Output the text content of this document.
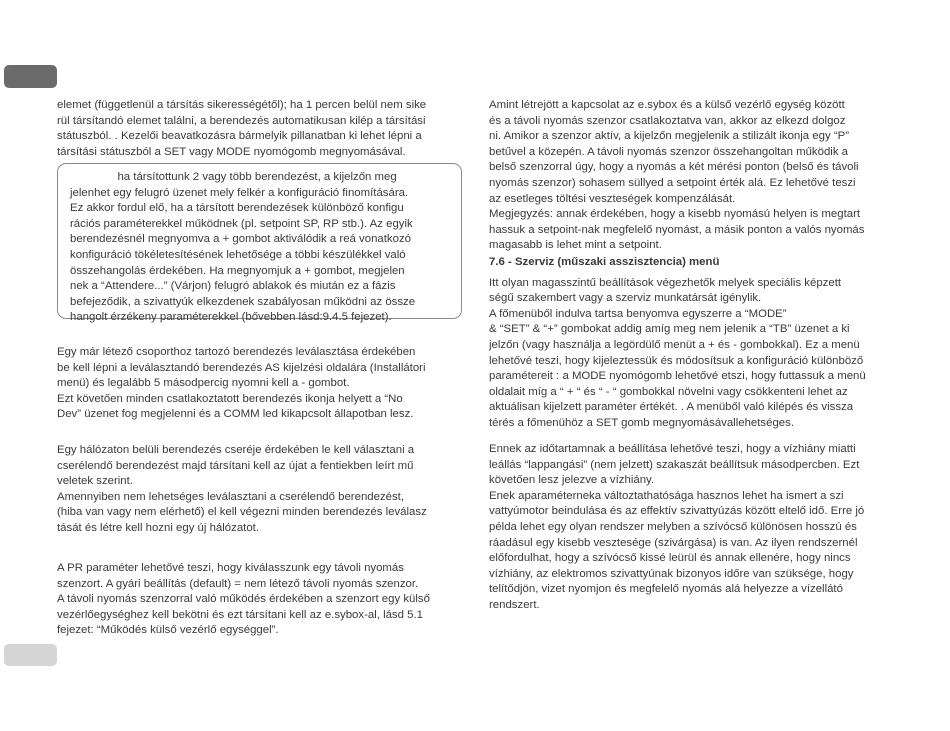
elemet (függetlenül a társítás sikerességétől); ha 1 percen belül nem sike

rül társítandó elemet találni, a berendezés automatikusan kilép a társítási

státuszból. . Kezelői beavatkozásra bármelyik pillanatban ki lehet lépni a

társítási státuszból a SET vagy MODE nyomógomb megnyomásával.

ha társítottunk 2 vagy több berendezést, a kijelzőn meg

jelenhet egy felugró üzenet mely felkér a konfiguráció finomítására.

Ez akkor fordul elő, ha a társított berendezések különböző konfigu

rációs paraméterekkel működnek (pl. setpoint SP, RP stb.). Az egyik

berendezésnél megnyomva a + gombot aktiválódik a reá vonatkozó

konfiguráció tökéletesítésének lehetősége a többi készülékkel való

összehangolás érdekében. Ha megnyomjuk a + gombot, megjelen

nek a “Attendere...” (Várjon) felugró ablakok és miután ez a fázis

befejeződik, a szivattyúk elkezdenek szabályosan működni az össze

hangolt érzékeny paraméterekkel (bővebben lásd:9.4.5 fejezet).

Egy már létező csoporthoz tartozó berendezés leválasztása érdekében

be kell lépni a leválasztandó berendezés AS kijelzési oldalára (Installátori

menü) és legalább 5 másodpercig nyomni kell a - gombot.

Ezt követően minden csatlakoztatott berendezés ikonja helyett a “No

Dev” üzenet fog megjelenni és a COMM led kikapcsolt állapotban lesz.

Egy hálózaton belüli berendezés cseréje érdekében le kell választani a

cserélendő berendezést majd társítani kell az újat a fentiekben leírt mű

veletek szerint.

Amennyiben nem lehetséges leválasztani a cserélendő berendezést,

(hiba van vagy nem elérhető) el kell végezni minden berendezés leválasz

tását és létre kell hozni egy új hálózatot.

A PR paraméter lehetővé teszi, hogy kiválasszunk egy távoli nyomás

szenzort. A gyári beállítás (default) = nem létező távoli nyomás szenzor.

A távoli nyomás szenzorral való működés érdekében a szenzort egy külső

vezérlőegységhez kell bekötni és ezt társítani kell az e.sybox-al, lásd 5.1

fejezet: “Működés külső vezérlő egységgel”.

Amint létrejött a kapcsolat az e.sybox és a külső vezérlő egység között

és a távoli nyomás szenzor csatlakoztatva van, akkor az elkezd dolgoz

ni. Amikor a szenzor aktív, a kijelzőn megjelenik a stilizált ikonja egy “P”

betűvel a közepén. A távoli nyomás szenzor összehangoltan működik a

belső szenzorral úgy, hogy a nyomás a két mérési ponton (belső és távoli

nyomás szenzor) sohasem süllyed a setpoint érték alá. Ez lehetővé teszi

az esetleges töltési veszteségek kompenzálását.

Megjegyzés: annak érdekében, hogy a kisebb nyomású helyen is megtart

hassuk a setpoint-nak megfelelő nyomást, a másik ponton a valós nyomás

magasabb is lehet mint a setpoint.

7.6 - Szerviz (műszaki asszisztencia) menü

Itt olyan magasszintű beállítások végezhetők melyek speciális képzett

ségű szakembert vagy a szerviz munkatársát igénylik.

A főmenüből indulva tartsa benyomva egyszerre a “MODE”

& “SET” & “+” gombokat addig amíg meg nem jelenik a “TB” üzenet a ki

jelzőn (vagy használja a legördülő menüt a + és - gombokkal). Ez a menü

lehetővé teszi, hogy kijeleztessük és módosítsuk a konfiguráció különböző

paramétereit : a MODE nyomógomb lehetővé etszi, hogy futtassuk a menü

oldalait míg a “ + “ és “ - “ gombokkal növelni vagy csökkenteni lehet az

aktuálisan kijelzett paraméter értékét. . A menüből való kilépés és vissza

térés a főmenühöz a SET gomb megnyomásávallehetséges.

Ennek az időtartamnak a beállítása lehetővé teszi, hogy a vízhiány miatti

leállás “lappangási” (nem jelzett) szakaszát beállítsuk másodpercben. Ezt

követően lesz jelezve a vízhiány.

Enek aparaméterneka változtathatósága hasznos lehet ha ismert a szi

vattyúmotor beindulása és az effektív szivattyúzás között eltelő idő. Erre jó

példa lehet egy olyan rendszer melyben a szívócső különösen hosszú és

ráadásul egy kisebb vesztesége (szivárgása) is van. Az ilyen rendszernél

előfordulhat, hogy a szívócső kissé leürül és annak ellenére, hogy nincs

vízhiány, az elektromos szivattyúnak bizonyos időre van szüksége, hogy

telítődjön, vizet nyomjon és megfelelő nyomás alá helyezze a vízellátó

rendszert.
